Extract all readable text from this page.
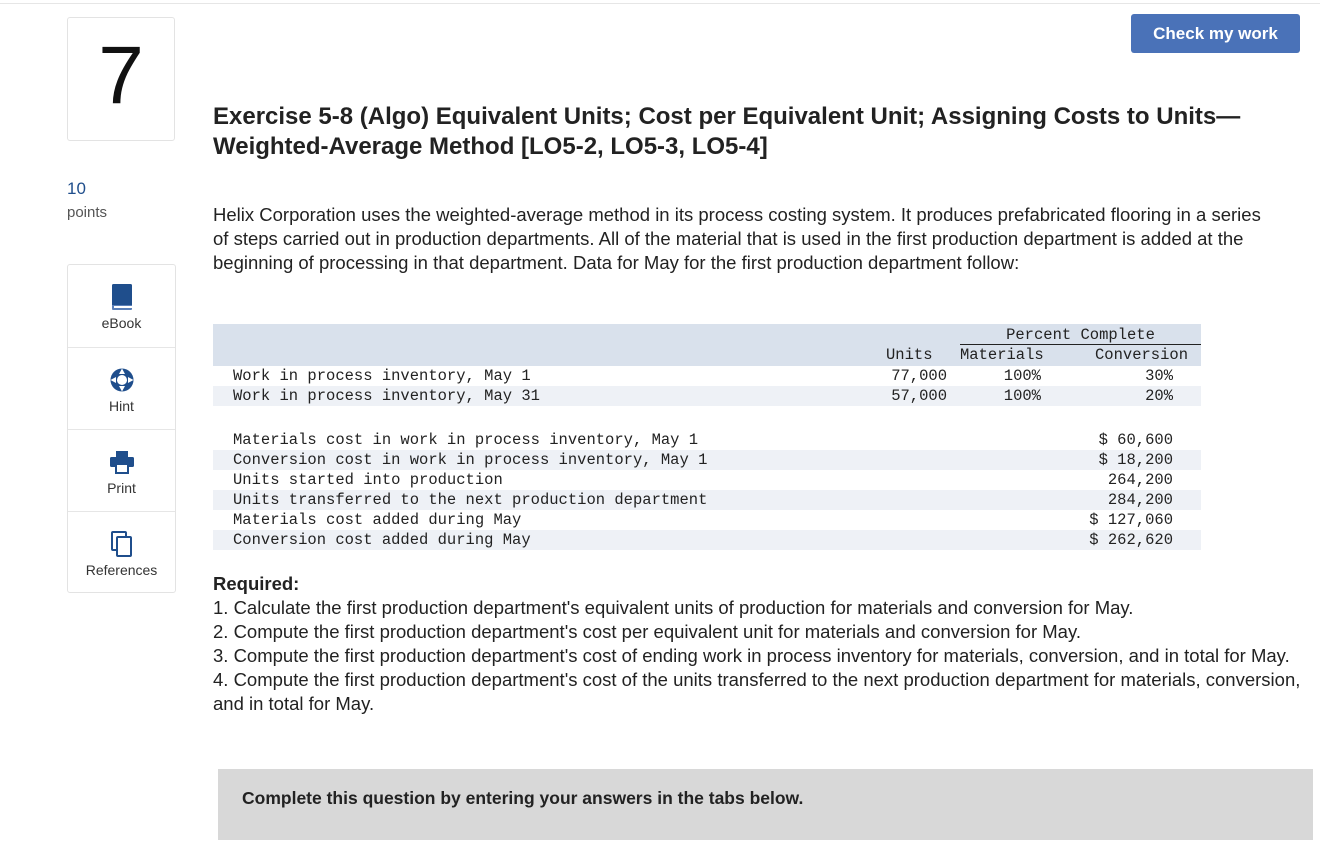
7
10
points
eBook
Hint
Print
References
Check my work
Exercise 5-8 (Algo) Equivalent Units; Cost per Equivalent Unit; Assigning Costs to Units—Weighted-Average Method [LO5-2, LO5-3, LO5-4]
Helix Corporation uses the weighted-average method in its process costing system. It produces prefabricated flooring in a series of steps carried out in production departments. All of the material that is used in the first production department is added at the beginning of processing in that department. Data for May for the first production department follow:
Percent Complete
Units Materials	Conversion
Work in process inventory, May 1	77,000	100%	30%
Work in process inventory, May 31	57,000	100%	20%
Materials cost in work in process inventory, May 1	$ 60,600
Conversion cost in work in process inventory, May 1	$ 18,200
Units started into production	264,200
Units transferred to the next production department	284,200
Materials cost added during May	$ 127,060
Conversion cost added during May	$ 262,620
Required:
1. Calculate the first production department's equivalent units of production for materials and conversion for May.
2. Compute the first production department's cost per equivalent unit for materials and conversion for May.
3. Compute the first production department's cost of ending work in process inventory for materials, conversion, and in total for May.
4. Compute the first production department's cost of the units transferred to the next production department for materials, conversion, and in total for May.
Complete this question by entering your answers in the tabs below.
